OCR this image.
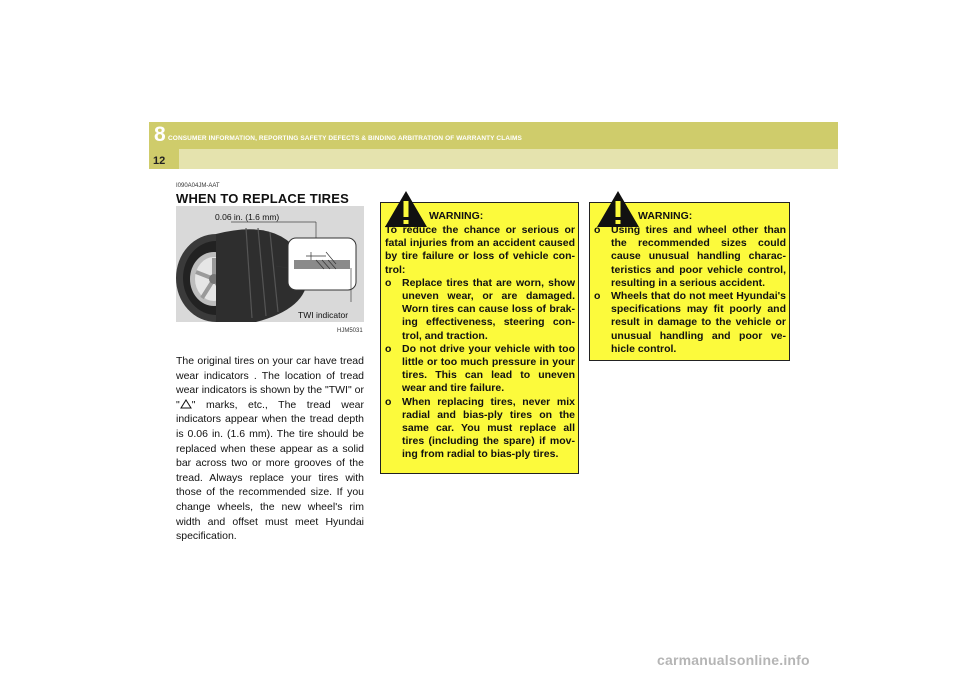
8 CONSUMER INFORMATION, REPORTING SAFETY DEFECTS & BINDING ARBITRATION OF WARRANTY CLAIMS
12
I090A04JM-AAT
WHEN TO REPLACE TIRES
0.06 in. (1.6 mm)
TWI indicator
HJM5031
The original tires on your car have tread wear indicators . The location of tread wear indicators is shown by the "TWI" or " " marks, etc., The tread wear indicators appear when the tread depth is 0.06 in. (1.6 mm). The tire should be replaced when these appear as a solid bar across two or more grooves of the tread. Always replace your tires with those of the recommended size. If you change wheels, the new wheel's rim width and offset must meet Hyundai specification.
WARNING:

To reduce the chance or serious or fatal injuries from an accident caused by tire failure or loss of vehicle con-trol:

o	Replace tires that are worn, show uneven wear, or are damaged. Worn tires can cause loss of brak-ing effectiveness, steering con-trol, and traction.
o	Do not drive your vehicle with too little or too much pressure in your tires. This can lead to uneven wear and tire failure.
o	When replacing tires, never mix radial and bias-ply tires on the same car. You must replace all tires (including the spare) if mov-ing from radial to bias-ply tires.
WARNING:
o	Using tires and wheel other than the recommended sizes could cause unusual handling charac-teristics and poor vehicle control, resulting in a serious accident.
o	Wheels that do not meet Hyundai's specifications may fit poorly and result in damage to the vehicle or unusual handling and poor ve-hicle control.
carmanualsonline.info
